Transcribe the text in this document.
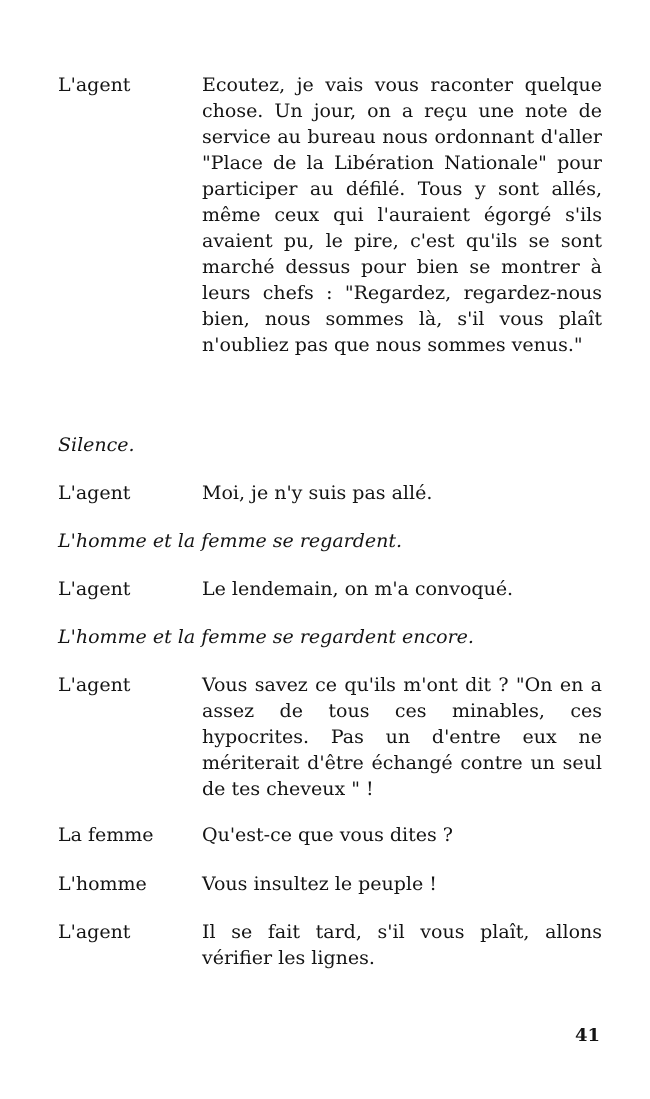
L'agent	Ecoutez, je vais vous raconter quelque chose. Un jour, on a reçu une note de service au bureau nous ordonnant d'aller "Place de la Libération Nationale" pour participer au défilé. Tous y sont allés, même ceux qui l'auraient égorgé s'ils avaient pu, le pire, c'est qu'ils se sont marché dessus pour bien se montrer à leurs chefs : "Regardez, regardez-nous bien, nous sommes là, s'il vous plaît n'oubliez pas que nous sommes venus."
Silence.
L'agent	Moi, je n'y suis pas allé.
L'homme et la femme se regardent.
L'agent	Le lendemain, on m'a convoqué.
L'homme et la femme se regardent encore.
L'agent	Vous savez ce qu'ils m'ont dit ? "On en a assez de tous ces minables, ces hypocrites. Pas un d'entre eux ne mériterait d'être échangé contre un seul de tes cheveux " !
La femme	Qu'est-ce que vous dites ?
L'homme	Vous insultez le peuple !
L'agent	Il se fait tard, s'il vous plaît, allons vérifier les lignes.
41
